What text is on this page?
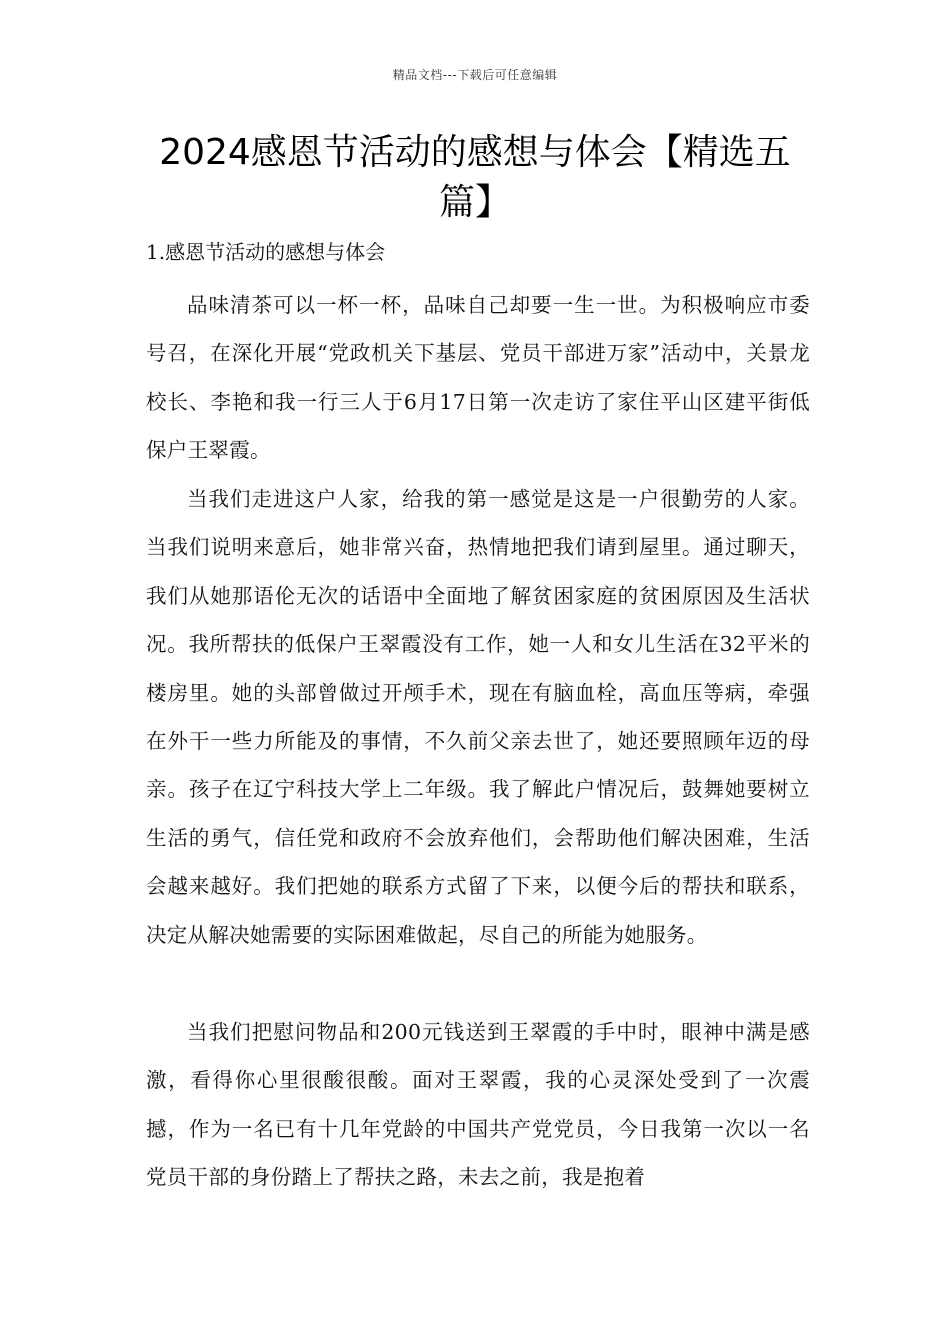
精品文档---下载后可任意编辑
2024感恩节活动的感想与体会【精选五篇】

1.感恩节活动的感想与体会

品味清茶可以一杯一杯，品味自己却要一生一世。为积极响应市委号召，在深化开展“党政机关下基层、党员干部进万家”活动中，关景龙校长、李艳和我一行三人于6月17日第一次走访了家住平山区建平街低保户王翠霞。

当我们走进这户人家，给我的第一感觉是这是一户很勤劳的人家。当我们说明来意后，她非常兴奋，热情地把我们请到屋里。通过聊天，我们从她那语伦无次的话语中全面地了解贫困家庭的贫困原因及生活状况。我所帮扶的低保户王翠霞没有工作，她一人和女儿生活在32平米的楼房里。她的头部曾做过开颅手术，现在有脑血栓，高血压等病，牵强在外干一些力所能及的事情，不久前父亲去世了，她还要照顾年迈的母亲。孩子在辽宁科技大学上二年级。我了解此户情况后，鼓舞她要树立生活的勇气，信任党和政府不会放弃他们，会帮助他们解决困难，生活会越来越好。我们把她的联系方式留了下来，以便今后的帮扶和联系，决定从解决她需要的实际困难做起，尽自己的所能为她服务。

当我们把慰问物品和200元钱送到王翠霞的手中时，眼神中满是感激，看得你心里很酸很酸。面对王翠霞，我的心灵深处受到了一次震撼，作为一名已有十几年党龄的中国共产党党员，今日我第一次以一名党员干部的身份踏上了帮扶之路，未去之前，我是抱着
